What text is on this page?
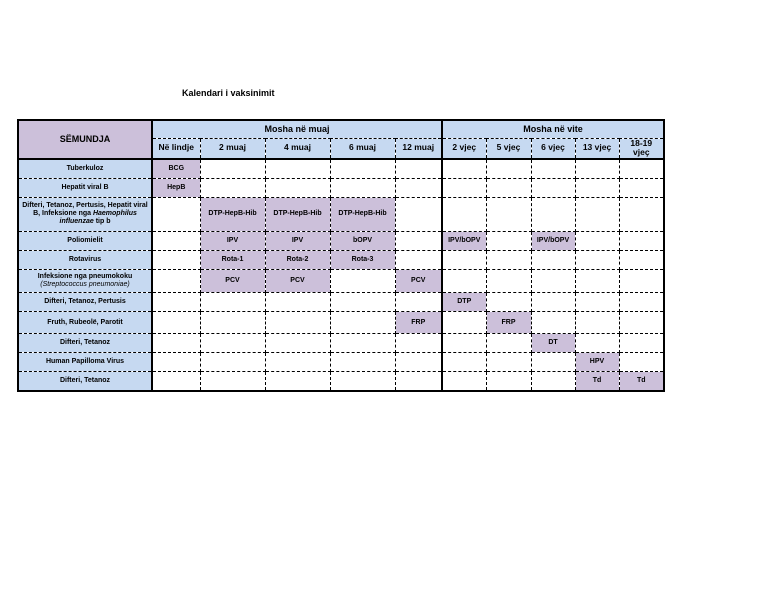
Kalendari i vaksinimit
SËMUNDJA	Mosha në muaj					Mosha në vite				
	Në lindje	2 muaj	4 muaj	6 muaj	12 muaj	2 vjeç	5 vjeç	6 vjeç	13 vjeç	18-19 vjeç
Tuberkuloz	BCG									
Hepatit viral B	HepB									
Difteri, Tetanoz, Pertusis, Hepatit viral B, Infeksione nga Haemophilus influenzae tip b		DTP-HepB-Hib	DTP-HepB-Hib	DTP-HepB-Hib						
Poliomielit		IPV	IPV	bOPV		IPV/bOPV		IPV/bOPV		
Rotavirus		Rota-1	Rota-2	Rota-3						
Infeksione nga pneumokoku
(Streptococcus pneumoniae)		PCV	PCV		PCV					
Difteri, Tetanoz, Pertusis						DTP				
Fruth, Rubeolë, Parotit					FRP		FRP			
Difteri, Tetanoz								DT		
Human Papilloma Virus									HPV	
Difteri, Tetanoz									Td	Td
